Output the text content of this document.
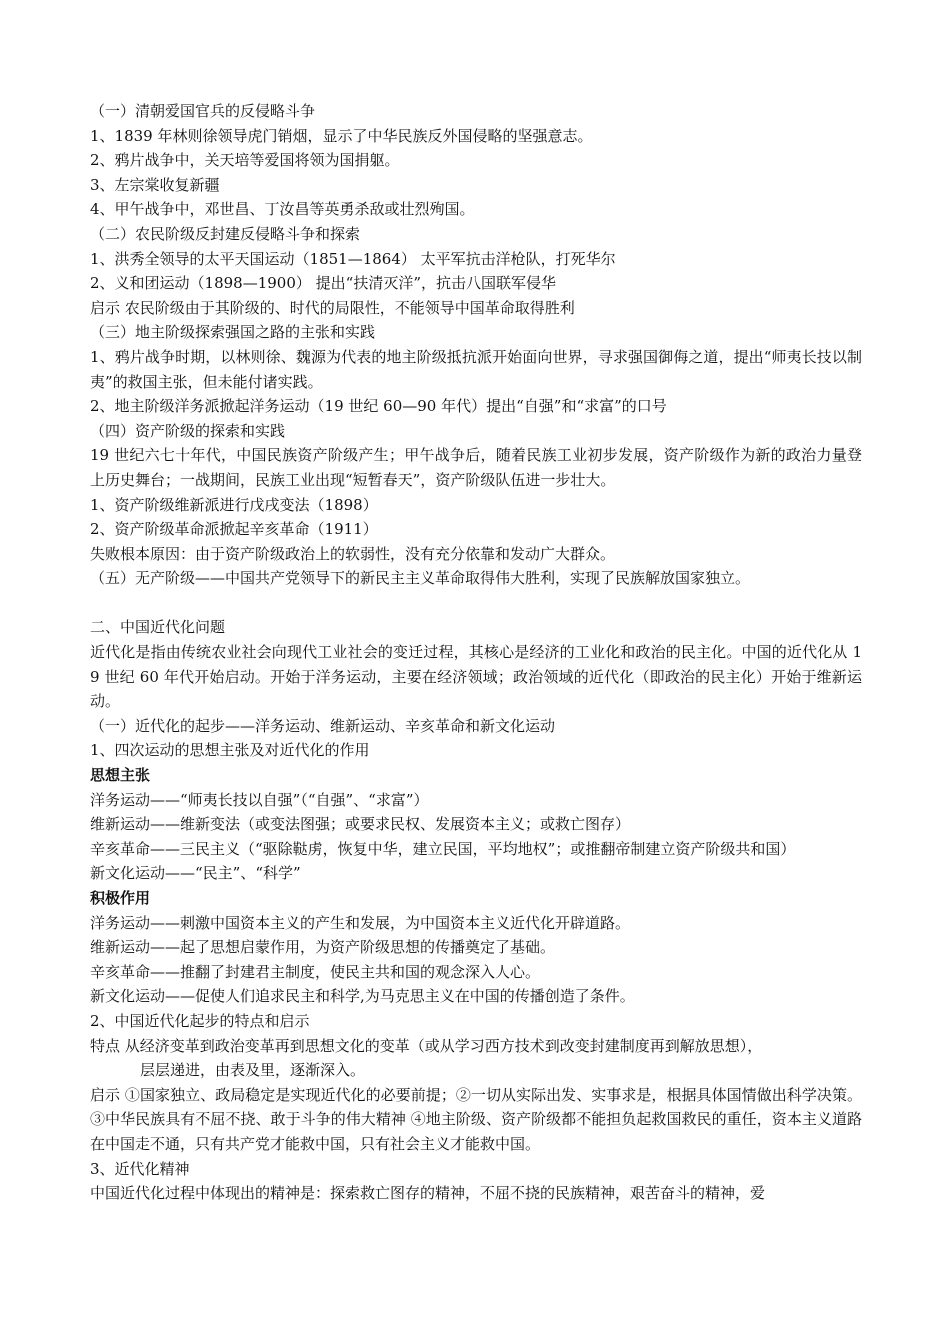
（一）清朝爱国官兵的反侵略斗争

1、1839 年林则徐领导虎门销烟，显示了中华民族反外国侵略的坚强意志。

2、鸦片战争中，关天培等爱国将领为国捐躯。

3、左宗棠收复新疆

4、甲午战争中，邓世昌、丁汝昌等英勇杀敌或壮烈殉国。

（二）农民阶级反封建反侵略斗争和探索

1、洪秀全领导的太平天国运动（1851—1864） 太平军抗击洋枪队，打死华尔

2、义和团运动（1898—1900） 提出“扶清灭洋”，抗击八国联军侵华

启示 农民阶级由于其阶级的、时代的局限性，不能领导中国革命取得胜利

（三）地主阶级探索强国之路的主张和实践

1、鸦片战争时期，以林则徐、魏源为代表的地主阶级抵抗派开始面向世界，寻求强国御侮之道，提出“师夷长技以制夷”的救国主张，但未能付诸实践。

2、地主阶级洋务派掀起洋务运动（19 世纪 60—90 年代）提出“自强”和“求富”的口号

（四）资产阶级的探索和实践

19 世纪六七十年代，中国民族资产阶级产生；甲午战争后，随着民族工业初步发展，资产阶级作为新的政治力量登上历史舞台；一战期间，民族工业出现“短暂春天”，资产阶级队伍进一步壮大。

1、资产阶级维新派进行戊戌变法（1898）

2、资产阶级革命派掀起辛亥革命（1911）

失败根本原因：由于资产阶级政治上的软弱性，没有充分依靠和发动广大群众。

（五）无产阶级——中国共产党领导下的新民主主义革命取得伟大胜利，实现了民族解放国家独立。

二、中国近代化问题

近代化是指由传统农业社会向现代工业社会的变迁过程，其核心是经济的工业化和政治的民主化。中国的近代化从 19 世纪 60 年代开始启动。开始于洋务运动，主要在经济领域；政治领域的近代化（即政治的民主化）开始于维新运动。

（一）近代化的起步——洋务运动、维新运动、辛亥革命和新文化运动

1、四次运动的思想主张及对近代化的作用

思想主张

洋务运动——“师夷长技以自强”（“自强”、“求富”）

维新运动——维新变法（或变法图强；或要求民权、发展资本主义；或救亡图存）

辛亥革命——三民主义（“驱除鞑虏，恢复中华，建立民国，平均地权”；或推翻帝制建立资产阶级共和国）

新文化运动——“民主”、“科学”

积极作用

洋务运动——刺激中国资本主义的产生和发展，为中国资本主义近代化开辟道路。

维新运动——起了思想启蒙作用，为资产阶级思想的传播奠定了基础。

辛亥革命——推翻了封建君主制度，使民主共和国的观念深入人心。

新文化运动——促使人们追求民主和科学,为马克思主义在中国的传播创造了条件。

2、中国近代化起步的特点和启示

特点 从经济变革到政治变革再到思想文化的变革（或从学习西方技术到改变封建制度再到解放思想），

层层递进，由表及里，逐渐深入。

启示 ①国家独立、政局稳定是实现近代化的必要前提；②一切从实际出发、实事求是，根据具体国情做出科学决策。③中华民族具有不屈不挠、敢于斗争的伟大精神 ④地主阶级、资产阶级都不能担负起救国救民的重任，资本主义道路在中国走不通，只有共产党才能救中国，只有社会主义才能救中国。

3、近代化精神

中国近代化过程中体现出的精神是：探索救亡图存的精神，不屈不挠的民族精神，艰苦奋斗的精神，爱
